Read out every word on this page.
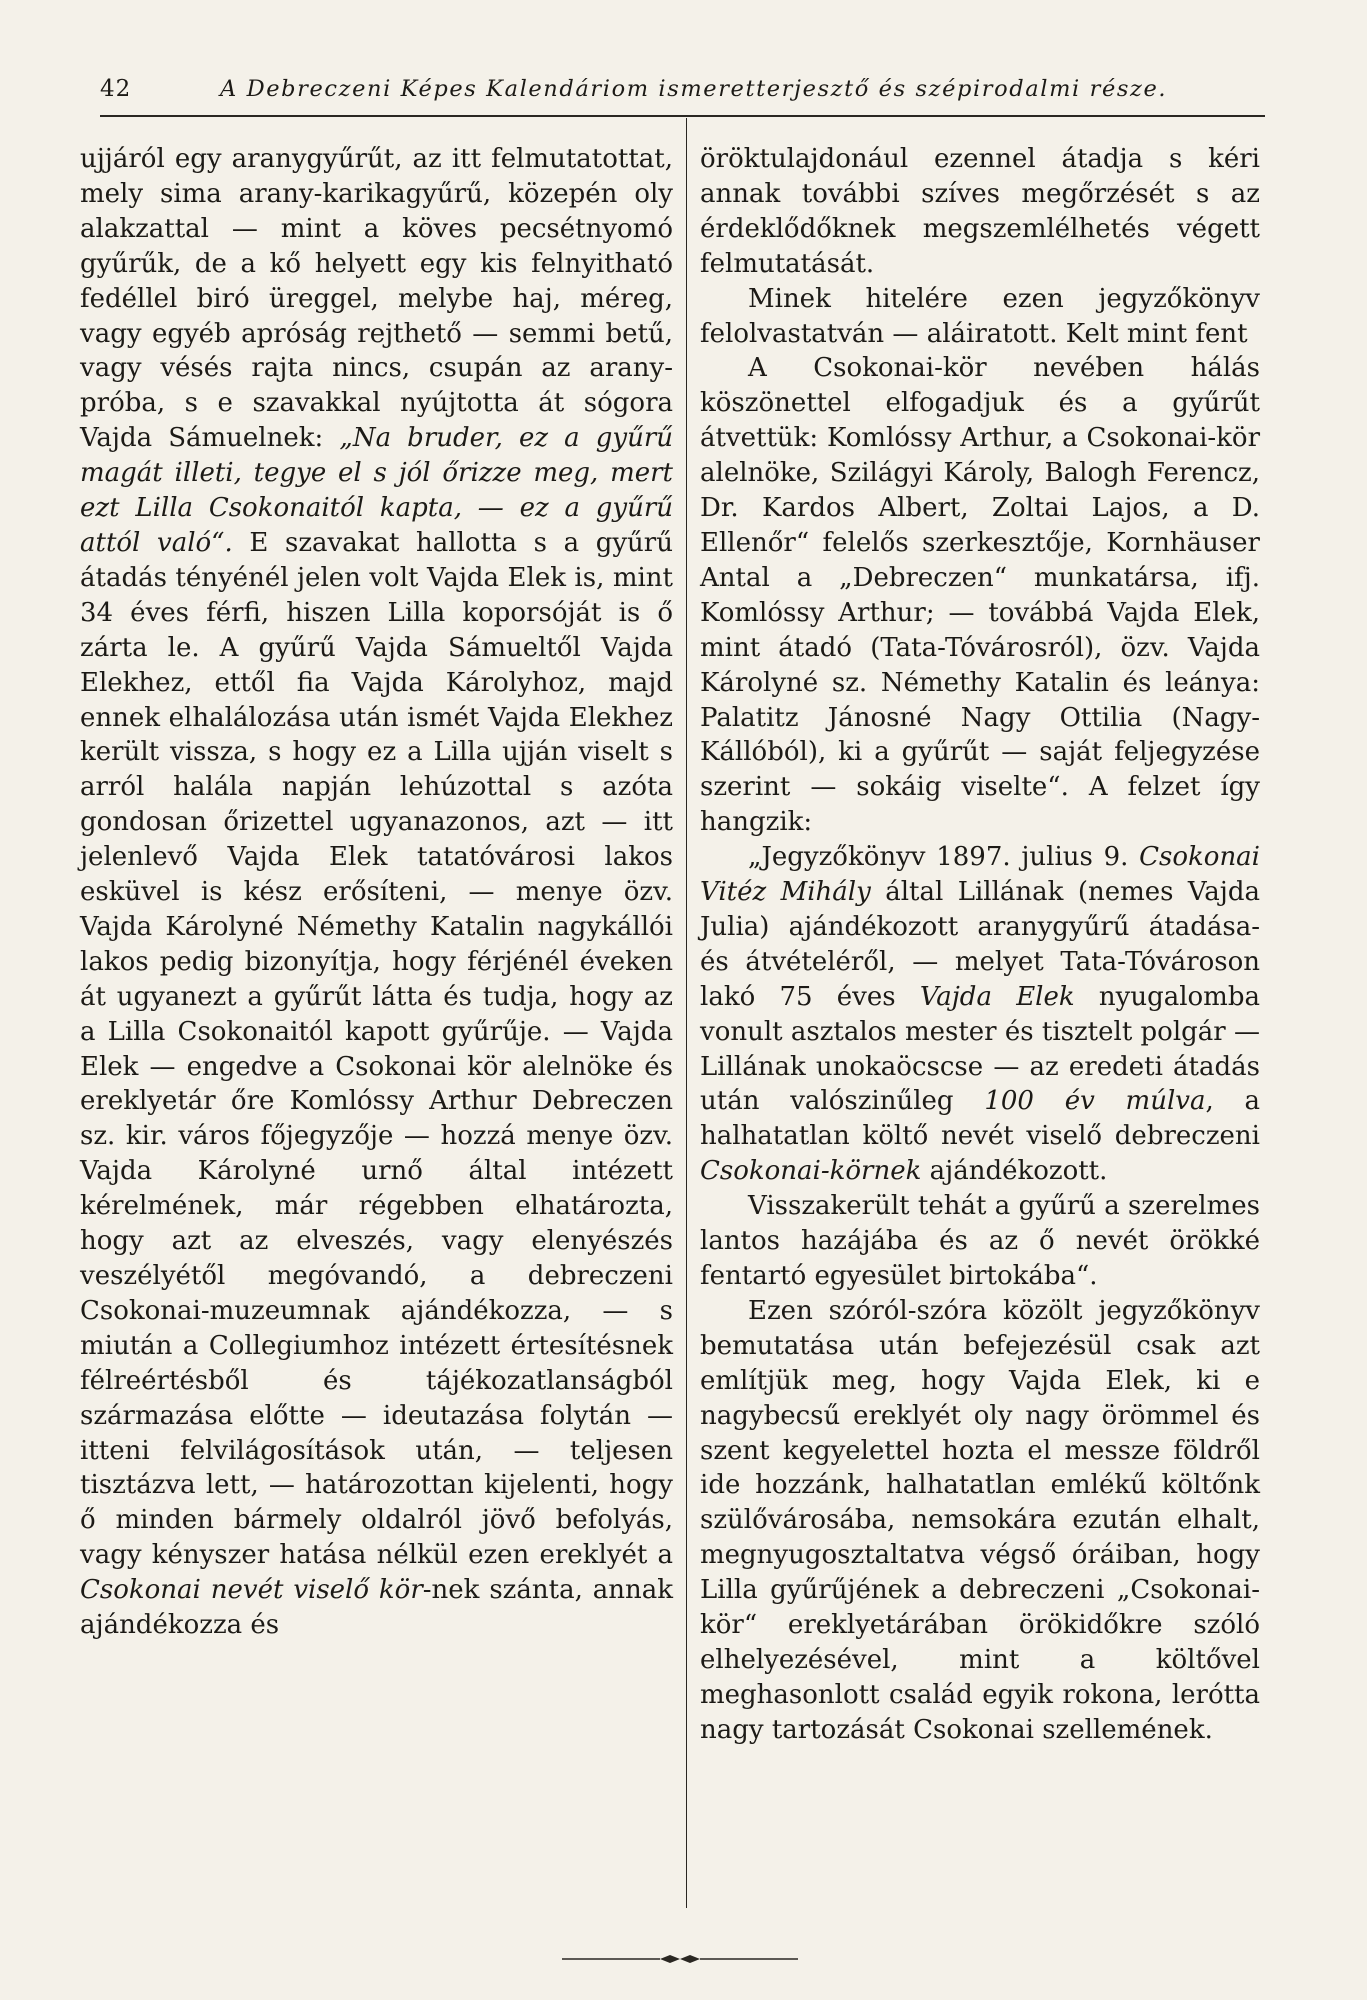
42	A Debreczeni Képes Kalendáriom ismeretterjesztő és szépirodalmi része.

ujjáról egy aranygyűrűt, az itt felmutatottat, mely sima arany-karikagyűrű, közepén oly alakzattal — mint a köves pecsétnyomó gyűrűk, de a kő helyett egy kis felnyitható fedéllel biró üreggel, melybe haj, méreg, vagy egyéb apróság rejthető — semmi betű, vagy vésés rajta nincs, csupán az arany-próba, s e szavakkal nyújtotta át sógora Vajda Sámuelnek: „Na bruder, ez a gyűrű magát illeti, tegye el s jól őrizze meg, mert ezt Lilla Csokonaitól kapta, — ez a gyűrű attól való“. E szavakat hallotta s a gyűrű átadás tényénél jelen volt Vajda Elek is, mint 34 éves férfi, hiszen Lilla koporsóját is ő zárta le. A gyűrű Vajda Sámueltől Vajda Elekhez, ettől fia Vajda Károlyhoz, majd ennek elhalálozása után ismét Vajda Elekhez került vissza, s hogy ez a Lilla ujján viselt s arról halála napján lehúzottal s azóta gondosan őrizettel ugyanazonos, azt — itt jelenlevő Vajda Elek tatatóvárosi lakos esküvel is kész erősíteni, — menye özv. Vajda Károlyné Némethy Katalin nagykállói lakos pedig bizonyítja, hogy férjénél éveken át ugyanezt a gyűrűt látta és tudja, hogy az a Lilla Csokonaitól kapott gyűrűje. — Vajda Elek — engedve a Csokonai kör alelnöke és ereklyetár őre Komlóssy Arthur Debreczen sz. kir. város főjegyzője — hozzá menye özv. Vajda Károlyné urnő által intézett kérelmének, már régebben elhatározta, hogy azt az elveszés, vagy elenyészés veszélyétől megóvandó, a debreczeni Csokonai-muzeumnak ajándékozza, — s miután a Collegiumhoz intézett értesítésnek félreértésből és tájékozatlanságból származása előtte — ideutazása folytán — itteni felvilágosítások után, — teljesen tisztázva lett, — határozottan kijelenti, hogy ő minden bármely oldalról jövő befolyás, vagy kényszer hatása nélkül ezen ereklyét a Csokonai nevét viselő kör-nek szánta, annak ajándékozza és

öröktulajdonául ezennel átadja s kéri annak további szíves megőrzését s az érdeklődőknek megszemlélhetés végett felmutatását.

Minek hitelére ezen jegyzőkönyv felolvastatván — aláiratott. Kelt mint fent

A Csokonai-kör nevében hálás köszönettel elfogadjuk és a gyűrűt átvettük: Komlóssy Arthur, a Csokonai-kör alelnöke, Szilágyi Károly, Balogh Ferencz, Dr. Kardos Albert, Zoltai Lajos, a D. Ellenőr“ felelős szerkesztője, Kornhäuser Antal a „Debreczen“ munkatársa, ifj. Komlóssy Arthur; — továbbá Vajda Elek, mint átadó (Tata-Tóvárosról), özv. Vajda Károlyné sz. Némethy Katalin és leánya: Palatitz Jánosné Nagy Ottilia (Nagy-Kállóból), ki a gyűrűt — saját feljegyzése szerint — sokáig viselte“. A felzet így hangzik:

„Jegyzőkönyv 1897. julius 9. Csokonai Vitéz Mihály által Lillának (nemes Vajda Julia) ajándékozott aranygyűrű átadása- és átvételéről, — melyet Tata-Tóvároson lakó 75 éves Vajda Elek nyugalomba vonult asztalos mester és tisztelt polgár — Lillának unokaöcscse — az eredeti átadás után valószinűleg 100 év múlva, a halhatatlan költő nevét viselő debreczeni Csokonai-körnek ajándékozott.

Visszakerült tehát a gyűrű a szerelmes lantos hazájába és az ő nevét örökké fentartó egyesület birtokába“.

Ezen szóról-szóra közölt jegyzőkönyv bemutatása után befejezésül csak azt említjük meg, hogy Vajda Elek, ki e nagybecsű ereklyét oly nagy örömmel és szent kegyelettel hozta el messze földről ide hozzánk, halhatatlan emlékű költőnk szülővárosába, nemsokára ezután elhalt, megnyugosztaltatva végső óráiban, hogy Lilla gyűrűjének a debreczeni „Csokonai-kör“ ereklyetárában örökidőkre szóló elhelyezésével, mint a költővel meghasonlott család egyik rokona, lerótta nagy tartozását Csokonai szellemének.
